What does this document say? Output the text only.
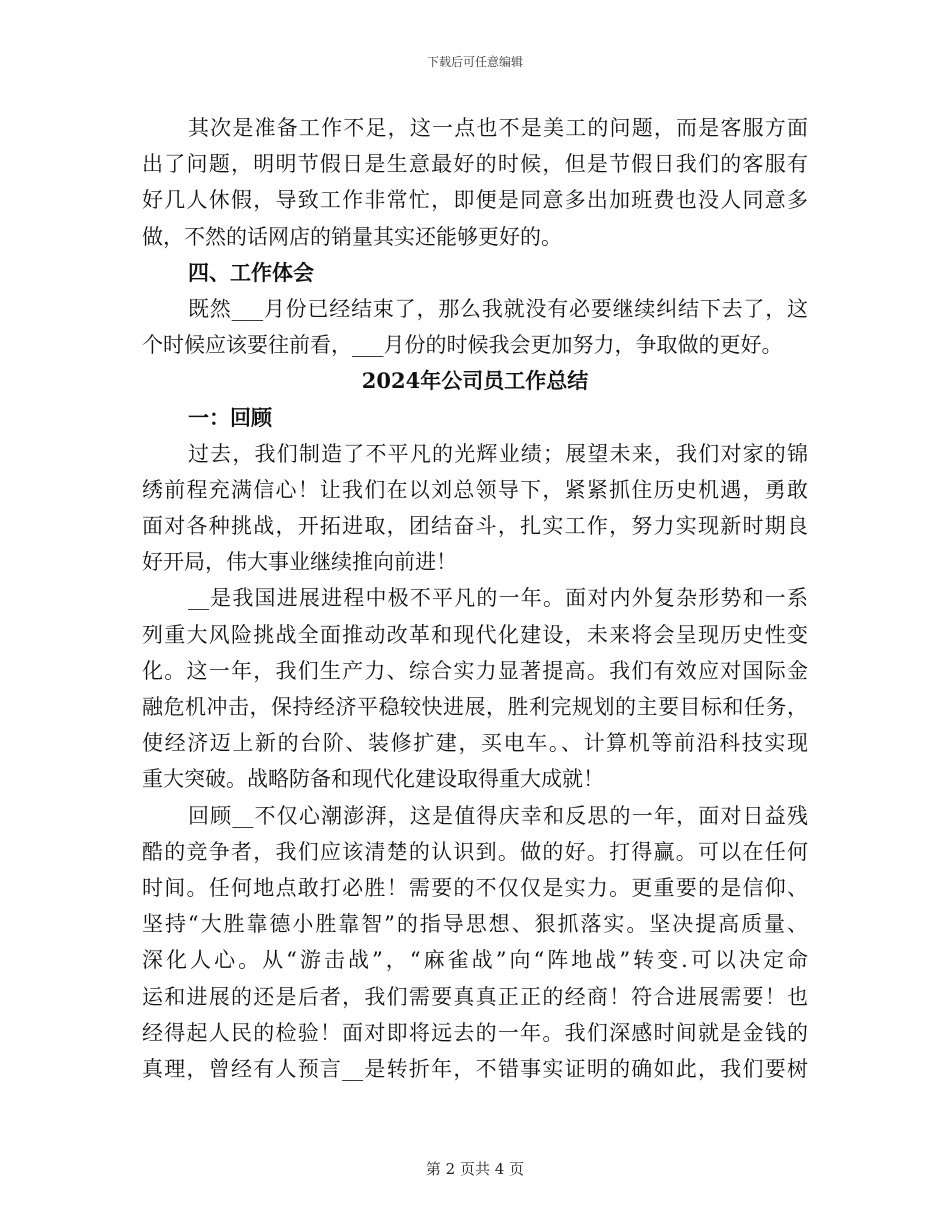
下载后可任意编辑
其次是准备工作不足，这一点也不是美工的问题，而是客服方面
出了问题，明明节假日是生意最好的时候，但是节假日我们的客服有
好几人休假，导致工作非常忙，即便是同意多出加班费也没人同意多
做，不然的话网店的销量其实还能够更好的。
四、工作体会
既然___月份已经结束了，那么我就没有必要继续纠结下去了，这
个时候应该要往前看，___月份的时候我会更加努力，争取做的更好。
2024年公司员工作总结
一：回顾
过去，我们制造了不平凡的光辉业绩；展望未来，我们对家的锦
绣前程充满信心！让我们在以刘总领导下，紧紧抓住历史机遇，勇敢
面对各种挑战，开拓进取，团结奋斗，扎实工作，努力实现新时期良
好开局，伟大事业继续推向前进！
__是我国进展进程中极不平凡的一年。面对内外复杂形势和一系
列重大风险挑战全面推动改革和现代化建设，未来将会呈现历史性变
化。这一年，我们生产力、综合实力显著提高。我们有效应对国际金
融危机冲击，保持经济平稳较快进展，胜利完规划的主要目标和任务，
使经济迈上新的台阶、装修扩建，买电车。、计算机等前沿科技实现
重大突破。战略防备和现代化建设取得重大成就！
回顾__不仅心潮澎湃，这是值得庆幸和反思的一年，面对日益残
酷的竞争者，我们应该清楚的认识到。做的好。打得赢。可以在任何
时间。任何地点敢打必胜！需要的不仅仅是实力。更重要的是信仰、
坚持“大胜靠德小胜靠智”的指导思想、狠抓落实。坚决提高质量、
深化人心。从“游击战”，“麻雀战”向“阵地战”转变.可以决定命
运和进展的还是后者，我们需要真真正正的经商！符合进展需要！也
经得起人民的检验！面对即将远去的一年。我们深感时间就是金钱的
真理，曾经有人预言__是转折年，不错事实证明的确如此，我们要树
第 2 页共 4 页
